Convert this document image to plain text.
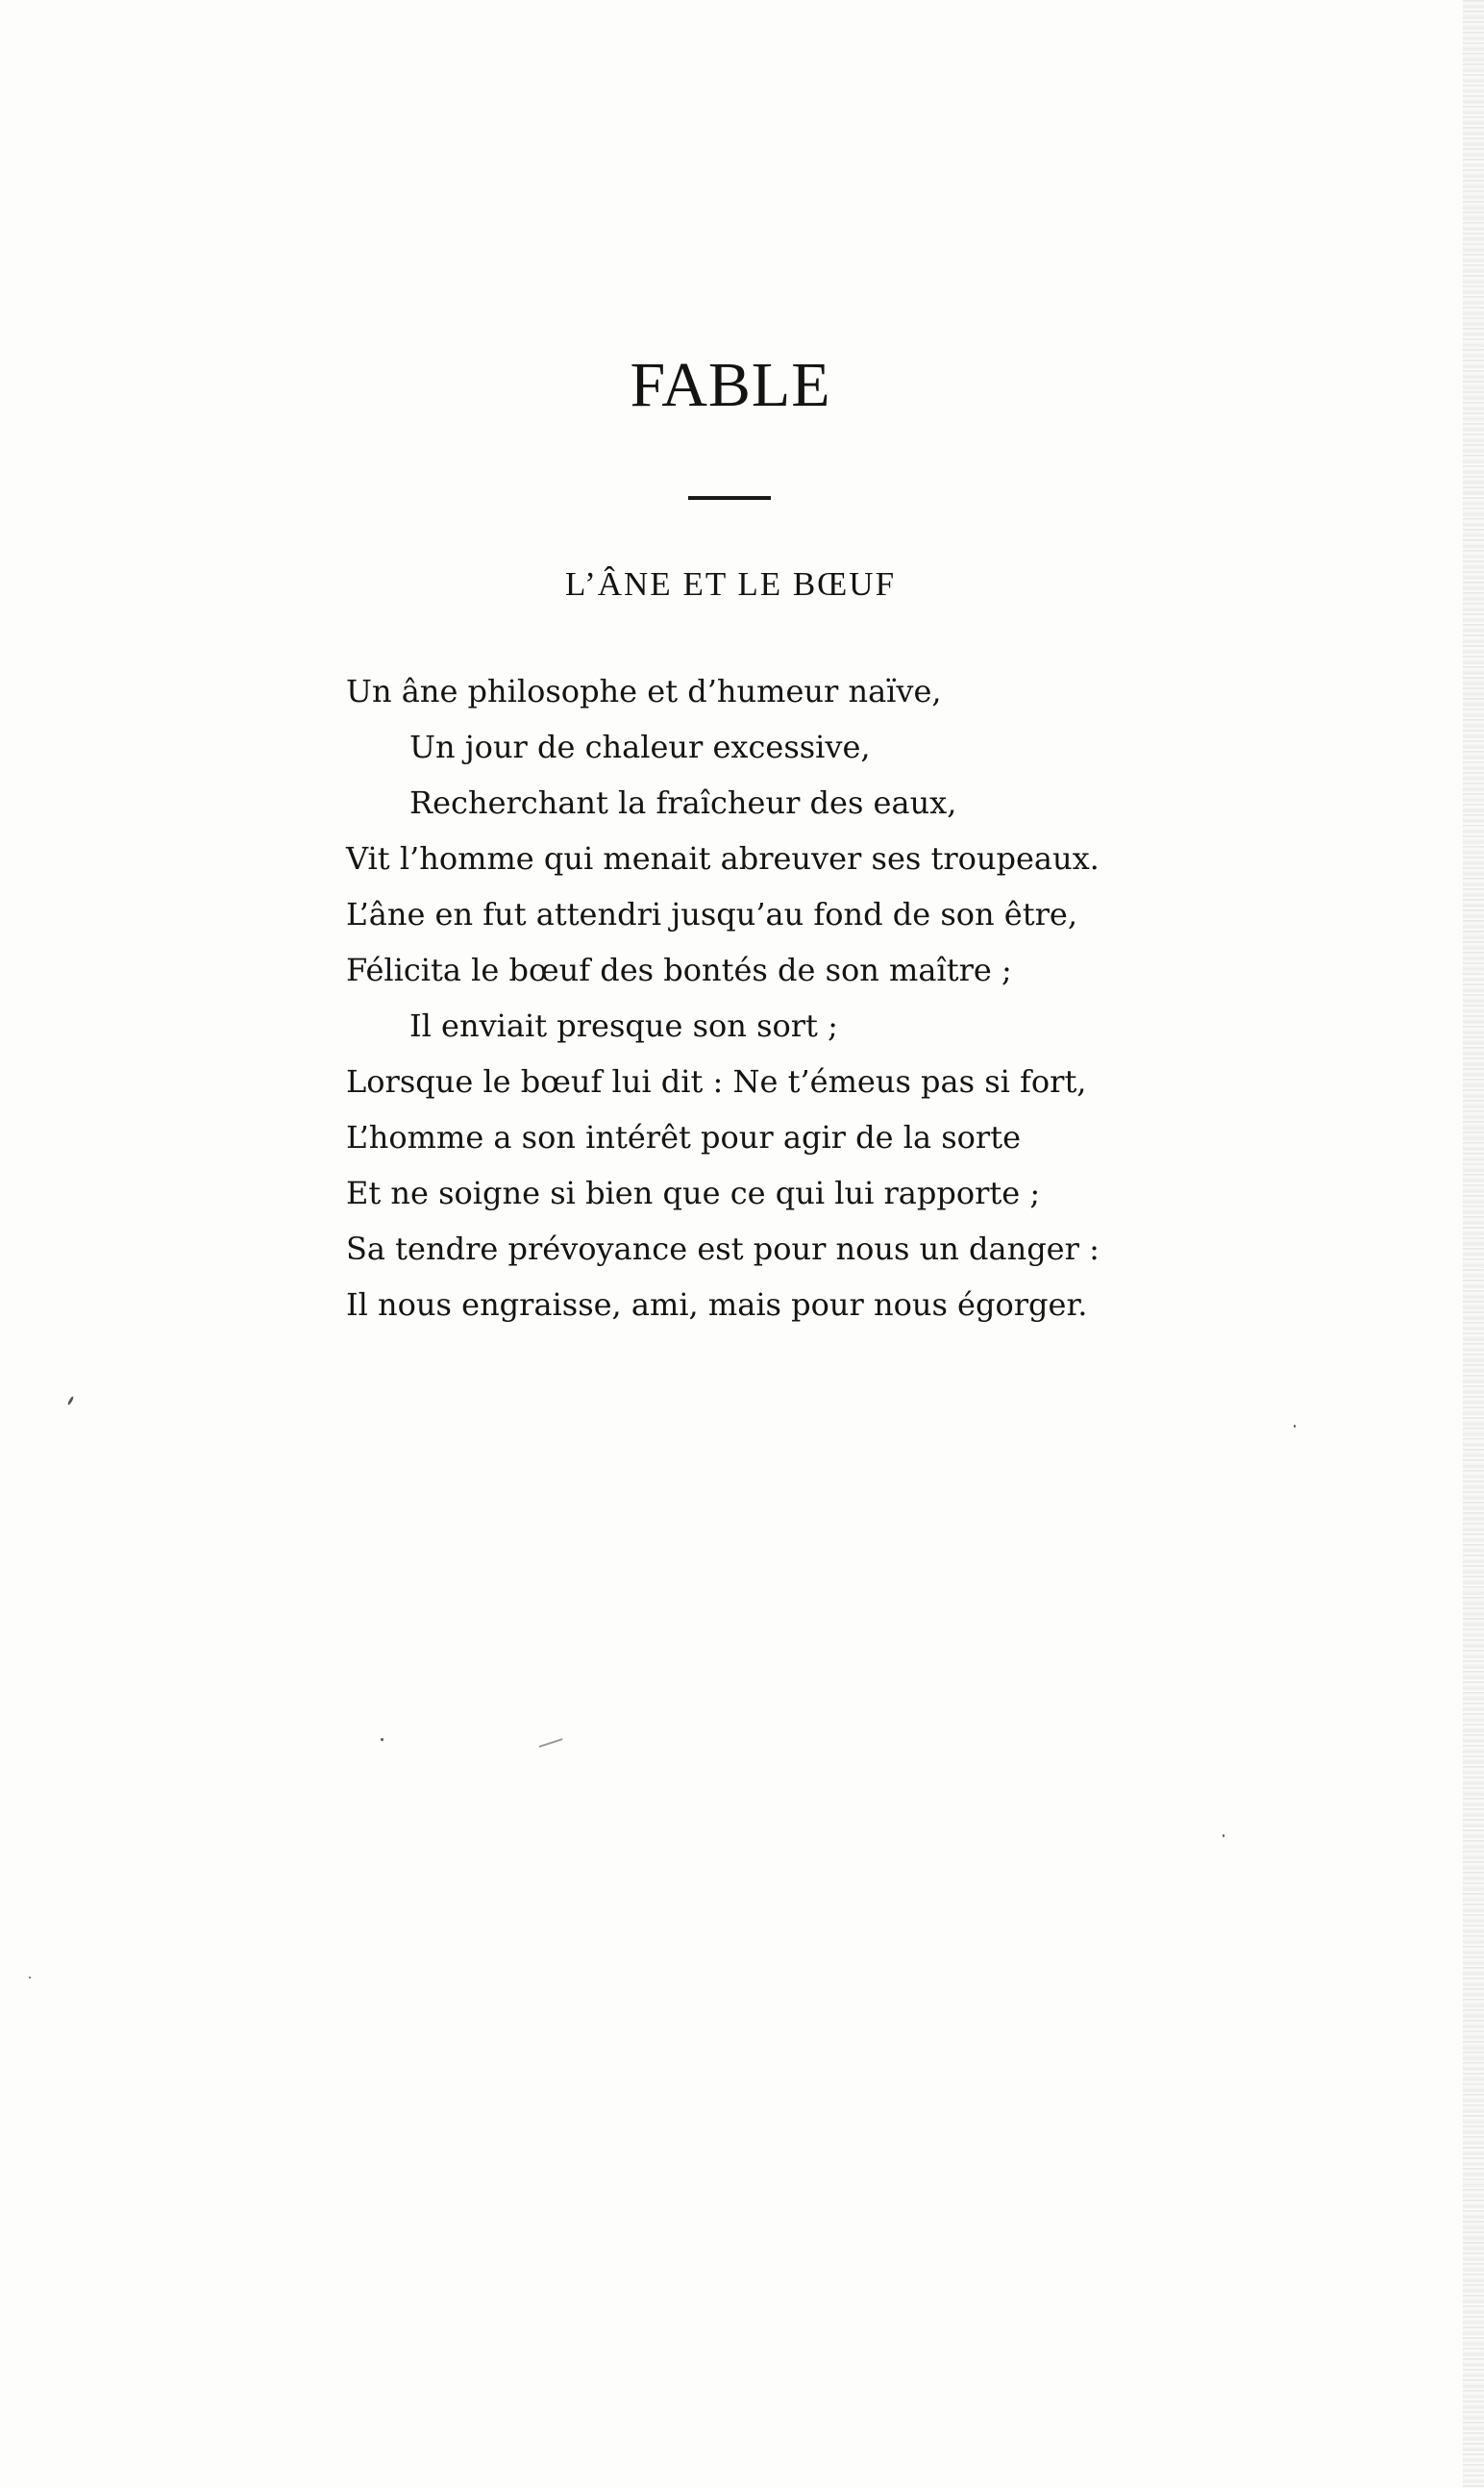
FABLE
L’ÂNE ET LE BŒUF
Un âne philosophe et d’humeur naïve,
Un jour de chaleur excessive,
Recherchant la fraîcheur des eaux,
Vit l’homme qui menait abreuver ses troupeaux.
L’âne en fut attendri jusqu’au fond de son être,
Félicita le bœuf des bontés de son maître ;
Il enviait presque son sort ;
Lorsque le bœuf lui dit : Ne t’émeus pas si fort,
L’homme a son intérêt pour agir de la sorte
Et ne soigne si bien que ce qui lui rapporte ;
Sa tendre prévoyance est pour nous un danger :
Il nous engraisse, ami, mais pour nous égorger.
